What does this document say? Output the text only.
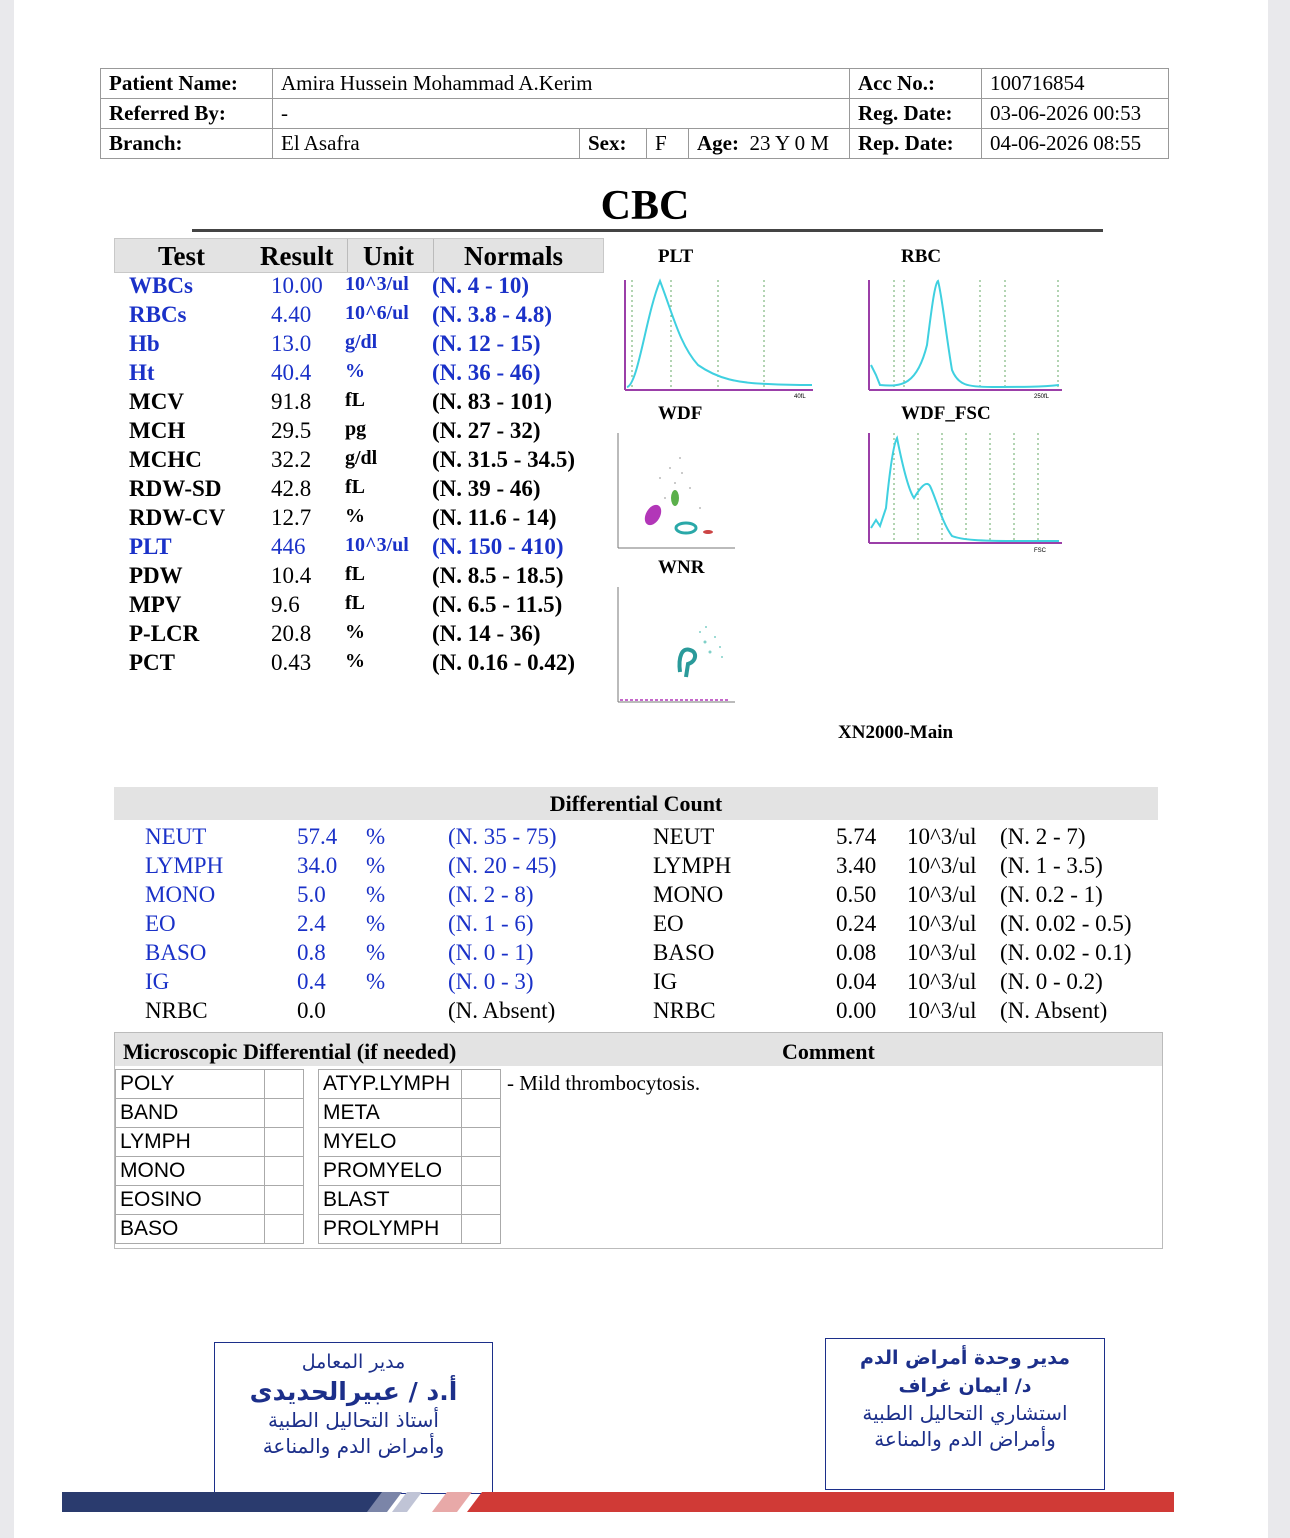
Patient Name:	Amira Hussein Mohammad A.Kerim				Acc No.:	100716854
Referred By:	-				Reg. Date:	03-06-2026 00:53
Branch:	El Asafra	Sex:	F	Age: 23 Y 0 M	Rep. Date:	04-06-2026 08:55
CBC
Test Result Unit Normals
WBCs	10.00 10^3/ul (N. 4 - 10)
RBCs	4.40 10^6/ul (N. 3.8 - 4.8)
Hb	13.0 g/dl (N. 12 - 15)
Ht	40.4 %	(N. 36 - 46)
MCV	91.8 fL	(N. 83 - 101)
MCH	29.5 pg	(N. 27 - 32)
MCHC	32.2 g/dl (N. 31.5 - 34.5)
RDW-SD 42.8 fL	(N. 39 - 46)
RDW-CV 12.7 %	(N. 11.6 - 14)
PLT	446 10^3/ul (N. 150 - 410)
PDW	10.4 fL	(N. 8.5 - 18.5)
MPV	9.6 fL	(N. 6.5 - 11.5)
P-LCR	20.8 %	(N. 14 - 36)
PCT	0.43 %	(N. 0.16 - 0.42)
PLT	RBC
WDF	WDF_FSC
WNR
XN2000-Main
40fL	250fL
FSC
Differential Count
NEUT	57.4 %	(N. 35 - 75)	NEUT	5.74 10^3/ul (N. 2 - 7)
LYMPH	34.0 %	(N. 20 - 45)	LYMPH	3.40 10^3/ul (N. 1 - 3.5)
MONO	5.0 %	(N. 2 - 8)	MONO	0.50 10^3/ul (N. 0.2 - 1)
EO	2.4 %	(N. 1 - 6)	EO	0.24 10^3/ul (N. 0.02 - 0.5)
BASO	0.8 %	(N. 0 - 1)	BASO	0.08 10^3/ul (N. 0.02 - 0.1)
IG	0.4 %	(N. 0 - 3)	IG	0.04 10^3/ul (N. 0 - 0.2)
NRBC	0.0	(N. Absent)	NRBC	0.00 10^3/ul (N. Absent)
Microscopic Differential (if needed)	Comment
POLY			ATYP.LYMPH	
BAND			META	
LYMPH			MYELO	
MONO			PROMYELO	
EOSINO			BLAST	
BASO			PROLYMPH	
- Mild thrombocytosis.
مدير المعامل
أ.د / عبيرالحديدى
أستاذ التحاليل الطبية
وأمراض الدم والمناعة
مدير وحدة أمراض الدم
د/ ايمان غراف
استشاري التحاليل الطبية
وأمراض الدم والمناعة
